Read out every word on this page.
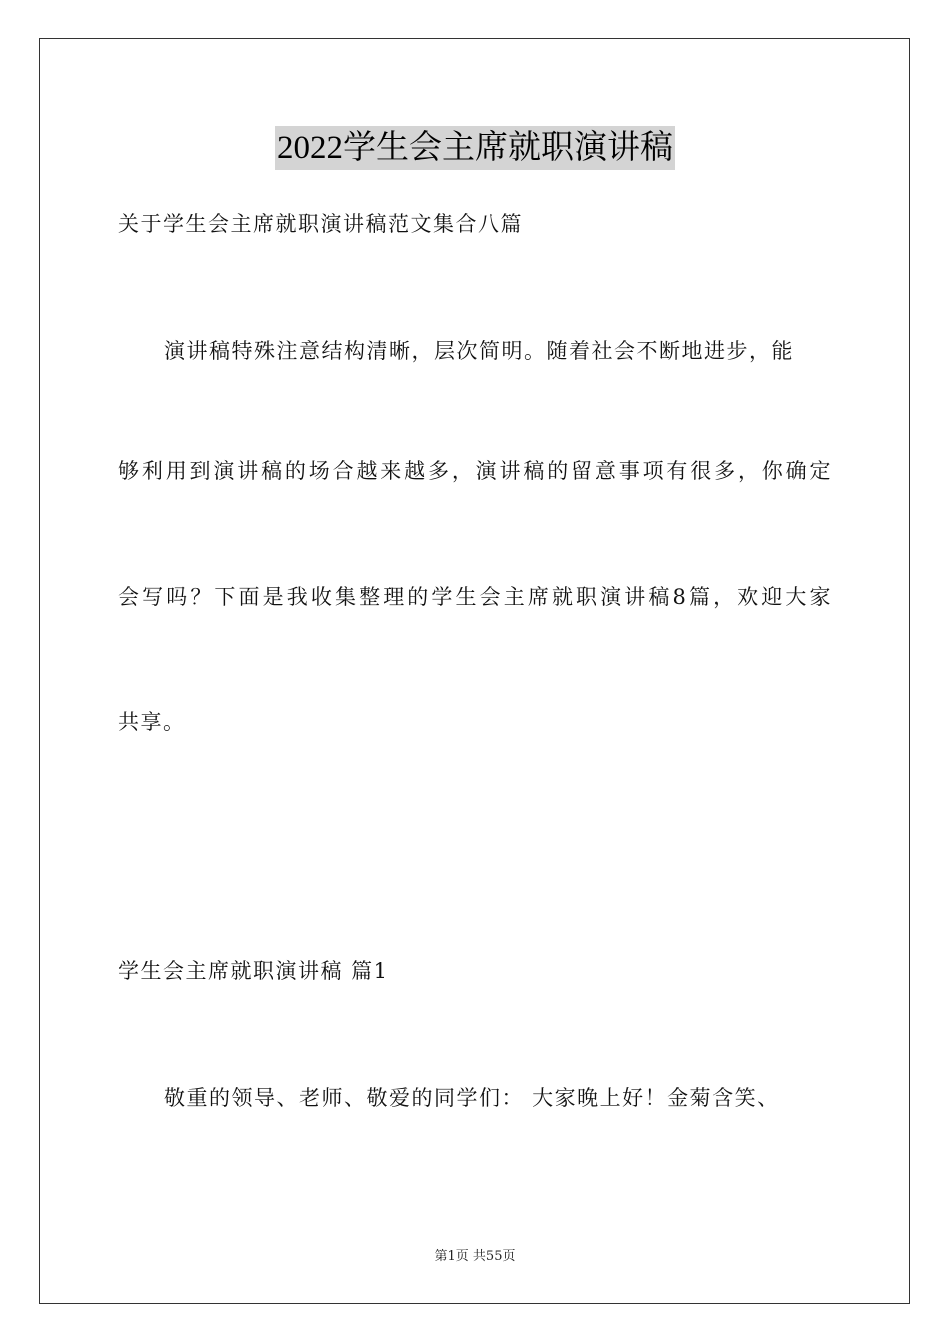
2022学生会主席就职演讲稿
关于学生会主席就职演讲稿范文集合八篇
演讲稿特殊注意结构清晰，层次简明。随着社会不断地进步，能
够利用到演讲稿的场合越来越多，演讲稿的留意事项有很多，你确定
会写吗？下面是我收集整理的学生会主席就职演讲稿8篇，欢迎大家
共享。
学生会主席就职演讲稿 篇1
敬重的领导、老师、敬爱的同学们： 大家晚上好！金菊含笑、
第1页 共55页
